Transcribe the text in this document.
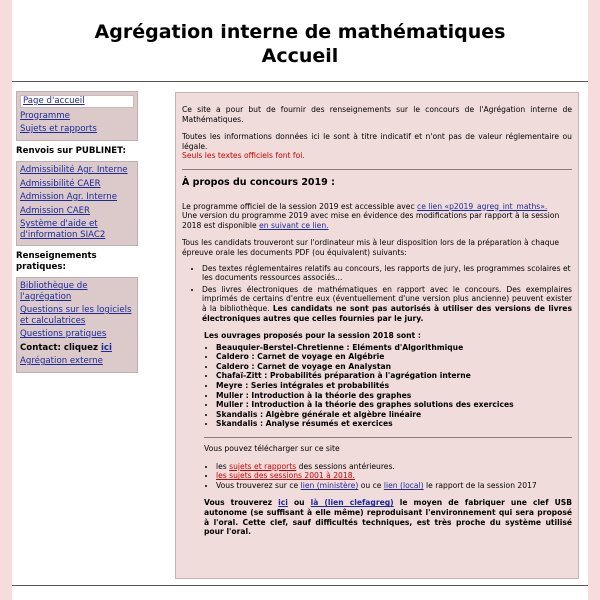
Agrégation interne de mathématiques
Accueil
Page d'accueil
Programme
Sujets et rapports
Renvois sur PUBLINET:
Admissibilité Agr. Interne
Admissibilité CAER
Admission Agr. Interne
Admission CAER
Système d'aide et d'information SIAC2
Renseignements pratiques:
Bibliothèque de l'agrégation
Questions sur les logiciels et calculatrices
Questions pratiques
Contact: cliquez ici
Agrégation externe

Ce site a pour but de fournir des renseignements sur le concours de l'Agrégation interne de Mathématiques.

Toutes les informations données ici le sont à titre indicatif et n'ont pas de valeur réglementaire ou légale.
Seuls les textes officiels font foi.

À propos du concours 2019 :

Le programme officiel de la session 2019 est accessible avec ce lien «p2019_agreg_int_maths».
Une version du programme 2019 avec mise en évidence des modifications par rapport à la session 2018 est disponible en suivant ce lien.

Tous les candidats trouveront sur l'ordinateur mis à leur disposition lors de la préparation à chaque épreuve orale les documents PDF (ou équivalent) suivants:

• Des textes réglementaires relatifs au concours, les rapports de jury, les programmes scolaires et les documents ressources associés...
• Des livres électroniques de mathématiques en rapport avec le concours. Des exemplaires imprimés de certains d'entre eux (éventuellement d'une version plus ancienne) peuvent exister à la bibliothèque. Les candidats ne sont pas autorisés à utiliser des versions de livres électroniques autres que celles fournies par le jury.
Les ouvrages proposés pour la session 2018 sont :
• Beauquier-Berstel-Chretienne : Eléments d'Algorithmique
• Caldero : Carnet de voyage en Algébrie
• Caldero : Carnet de voyage en Analystan
• Chafaï-Zitt : Probabilités préparation à l'agrégation interne
• Meyre : Series intégrales et probabilités
• Muller : Introduction à la théorie des graphes
• Muller : Introduction à la théorie des graphes solutions des exercices
• Skandalis : Algèbre générale et algèbre linéaire
• Skandalis : Analyse résumés et exercices
Vous pouvez télécharger sur ce site
• les sujets et rapports des sessions antérieures.
• les sujets des sessions 2001 à 2018.
• Vous trouverez sur ce lien (ministère) ou ce lien (local) le rapport de la session 2017

Vous trouverez ici ou là (lien clefagreg) le moyen de fabriquer une clef USB autonome (se suffisant à elle même) reproduisant l'environnement qui sera proposé à l'oral. Cette clef, sauf difficultés techniques, est très proche du système utilisé pour l'oral.
